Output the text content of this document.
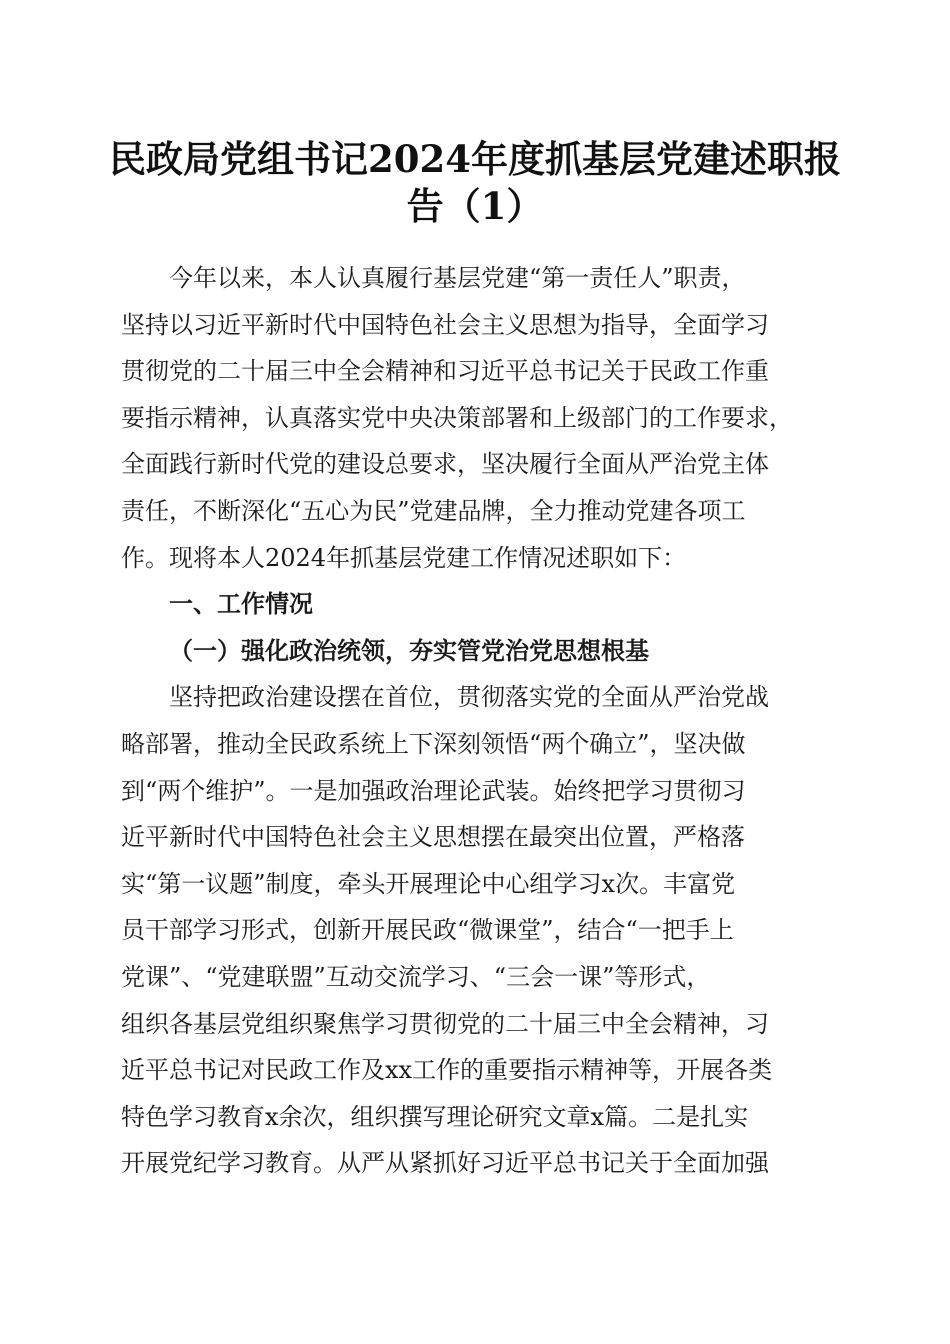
民政局党组书记2024年度抓基层党建述职报
告（1）
今年以来，本人认真履行基层党建“第一责任人”职责，
坚持以习近平新时代中国特色社会主义思想为指导，全面学习
贯彻党的二十届三中全会精神和习近平总书记关于民政工作重
要指示精神，认真落实党中央决策部署和上级部门的工作要求，
全面践行新时代党的建设总要求，坚决履行全面从严治党主体
责任，不断深化“五心为民”党建品牌，全力推动党建各项工
作。现将本人2024年抓基层党建工作情况述职如下：
一、工作情况
（一）强化政治统领，夯实管党治党思想根基
坚持把政治建设摆在首位，贯彻落实党的全面从严治党战
略部署，推动全民政系统上下深刻领悟“两个确立”，坚决做
到“两个维护”。一是加强政治理论武装。始终把学习贯彻习
近平新时代中国特色社会主义思想摆在最突出位置，严格落
实“第一议题”制度，牵头开展理论中心组学习x次。丰富党
员干部学习形式，创新开展民政“微课堂”，结合“一把手上
党课”、“党建联盟”互动交流学习、“三会一课”等形式，
组织各基层党组织聚焦学习贯彻党的二十届三中全会精神，习
近平总书记对民政工作及xx工作的重要指示精神等，开展各类
特色学习教育x余次，组织撰写理论研究文章x篇。二是扎实
开展党纪学习教育。从严从紧抓好习近平总书记关于全面加强
